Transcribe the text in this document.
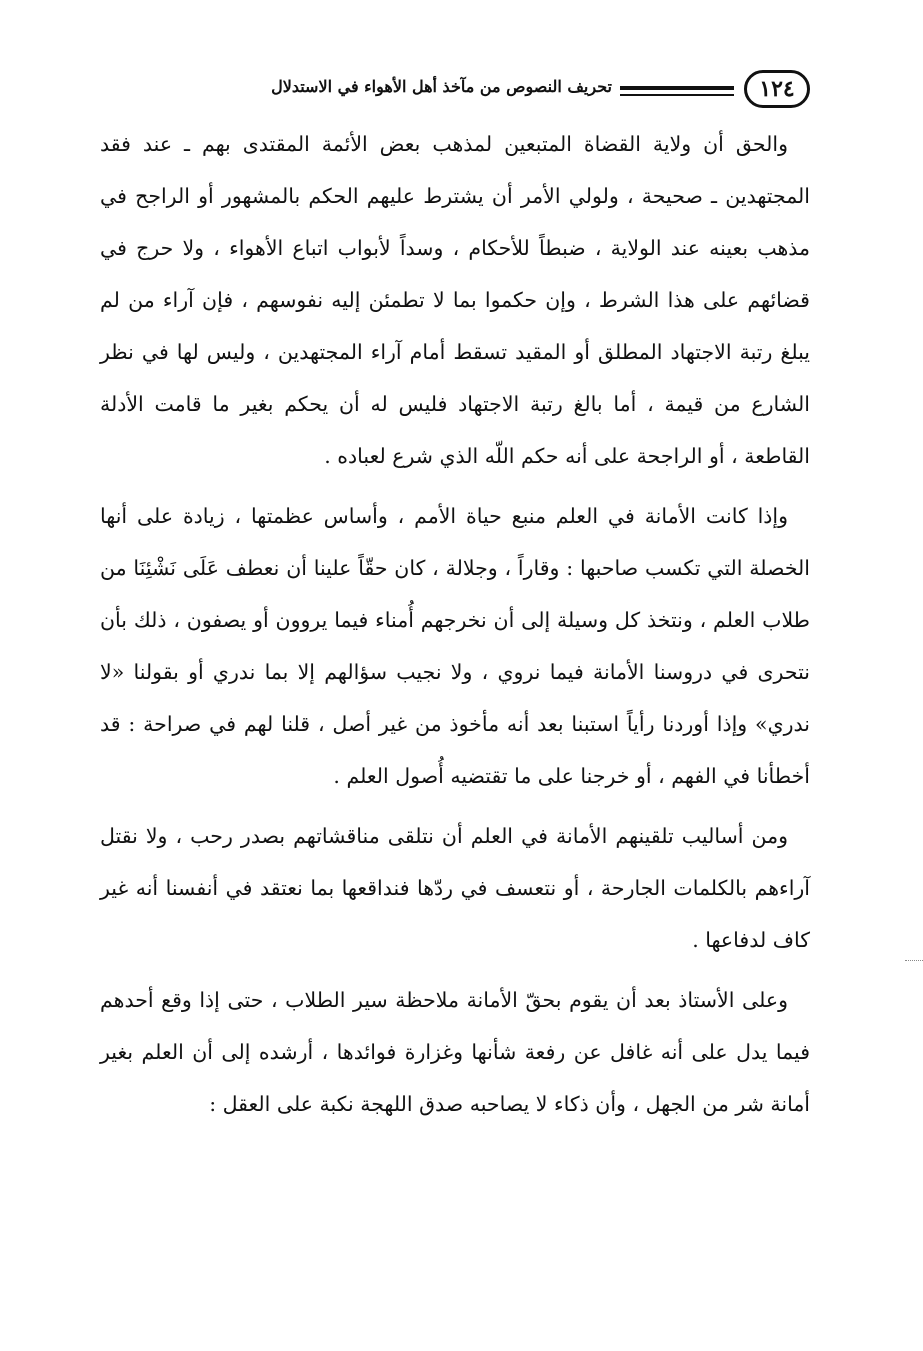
١٢٤
تحريف النصوص من مآخذ أهل الأهواء في الاستدلال

والحق أن ولاية القضاة المتبعين لمذهب بعض الأئمة المقتدى بهم ـ عند فقد المجتهدين ـ صحيحة ، ولولي الأمر أن يشترط عليهم الحكم بالمشهور أو الراجح في مذهب بعينه عند الولاية ، ضبطاً للأحكام ، وسداً لأبواب اتباع الأهواء ، ولا حرج في قضائهم على هذا الشرط ، وإن حكموا بما لا تطمئن إليه نفوسهم ، فإن آراء من لم يبلغ رتبة الاجتهاد المطلق أو المقيد تسقط أمام آراء المجتهدين ، وليس لها في نظر الشارع من قيمة ، أما بالغ رتبة الاجتهاد فليس له أن يحكم بغير ما قامت الأدلة القاطعة ، أو الراجحة على أنه حكم اللّه الذي شرع لعباده .

وإذا كانت الأمانة في العلم منبع حياة الأمم ، وأساس عظمتها ، زيادة على أنها الخصلة التي تكسب صاحبها : وقاراً ، وجلالة ، كان حقّاً علينا أن نعطف عَلَى نَشْئِنَا من طلاب العلم ، ونتخذ كل وسيلة إلى أن نخرجهم أُمناء فيما يروون أو يصفون ، ذلك بأن نتحرى في دروسنا الأمانة فيما نروي ، ولا نجيب سؤالهم إلا بما ندري أو بقولنا «لا ندري» وإذا أوردنا رأياً استبنا بعد أنه مأخوذ من غير أصل ، قلنا لهم في صراحة : قد أخطأنا في الفهم ، أو خرجنا على ما تقتضيه أُصول العلم .

ومن أساليب تلقينهم الأمانة في العلم أن نتلقى مناقشاتهم بصدر رحب ، ولا نقتل آراءهم بالكلمات الجارحة ، أو نتعسف في ردّها فنداقعها بما نعتقد في أنفسنا أنه غير كاف لدفاعها .

وعلى الأستاذ بعد أن يقوم بحقّ الأمانة ملاحظة سير الطلاب ، حتى إذا وقع أحدهم فيما يدل على أنه غافل عن رفعة شأنها وغزارة فوائدها ، أرشده إلى أن العلم بغير أمانة شر من الجهل ، وأن ذكاء لا يصاحبه صدق اللهجة نكبة على العقل :
